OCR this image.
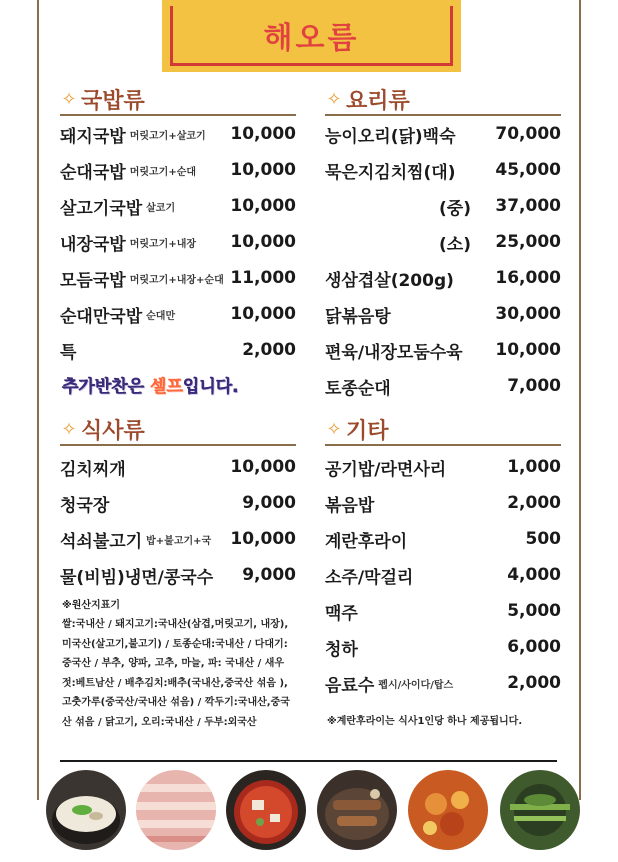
해오름
✧ 국밥류
돼지국밥 머릿고기+살코기 10,000
순대국밥 머릿고기+순대 10,000
살고기국밥 살코기	10,000
내장국밥 머릿고기+내장 10,000
모듬국밥 머릿고기+내장+순대 11,000
순대만국밥 순대만	10,000
특	2,000
추가반찬은 셀프입니다.
✧ 식사류
김치찌개	10,000
청국장	9,000
석쇠불고기 밥+불고기+국 10,000
물(비빔)냉면/콩국수 9,000
※원산지표기
쌀:국내산 / 돼지고기:국내산(삼겹,머릿고기, 내장), 미국산(살고기,불고기) / 토종순대:국내산 / 다대기:중국산 / 부추, 양파, 고추, 마늘, 파: 국내산 / 새우젓:베트남산 / 배추김치:배추(국내산,중국산 섞음 ), 고춧가루(중국산/국내산 섞음) / 깍두기:국내산,중국산 섞음 / 닭고기, 오리:국내산 / 두부:외국산
✧ 요리류
능이오리(닭)백숙 70,000
묵은지김치찜(대) 45,000
(중) 37,000
(소) 25,000
생삼겹살(200g) 16,000
닭볶음탕	30,000
편육/내장모둠수육 10,000
토종순대	7,000
✧ 기타
공기밥/라면사리	1,000
볶음밥	2,000
계란후라이	500
소주/막걸리	4,000
맥주	5,000
청하	6,000
음료수 펩시/사이다/탑스	2,000
※계란후라이는 식사1인당 하나 제공됩니다.
